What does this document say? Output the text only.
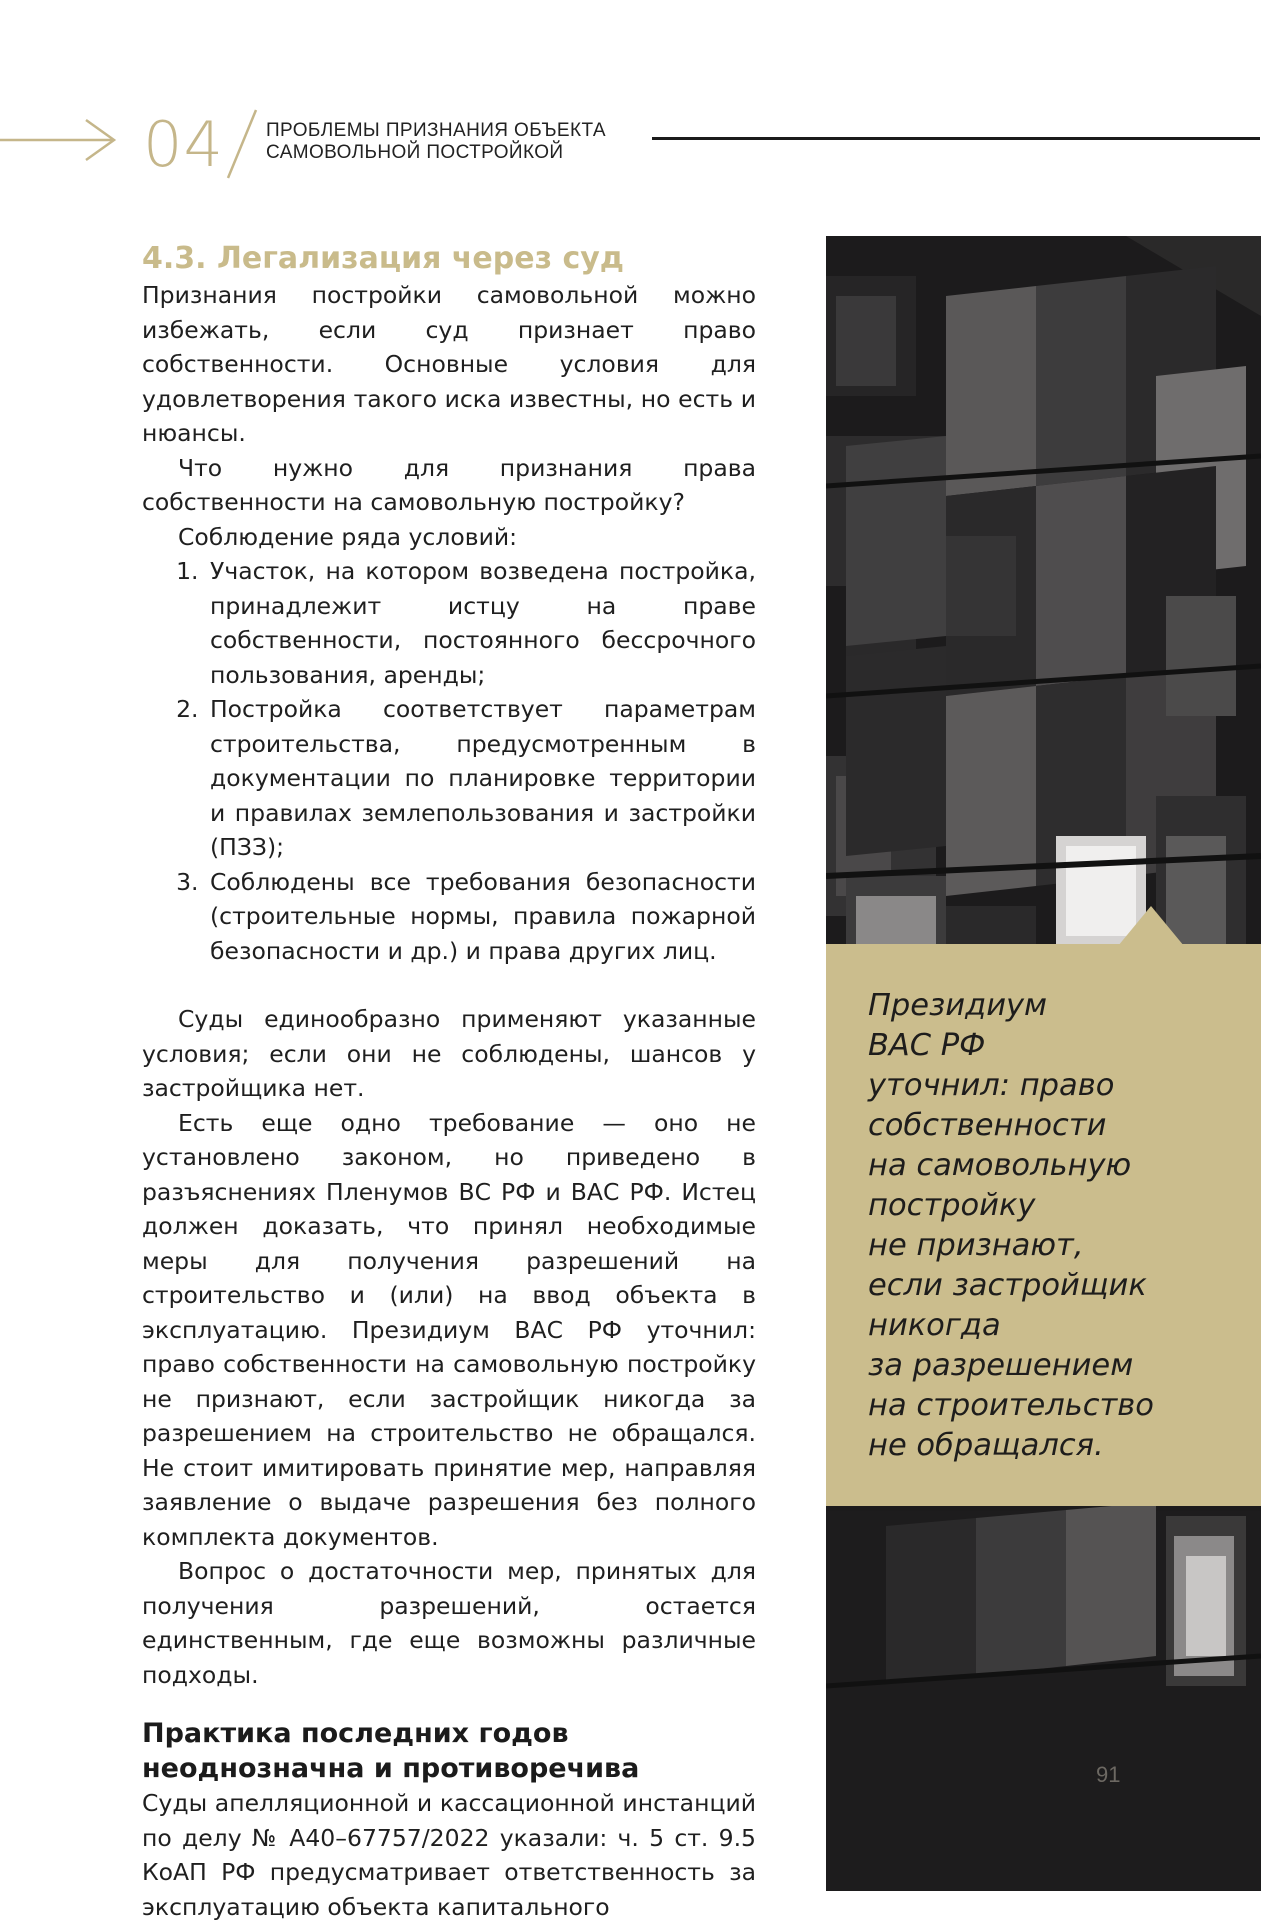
04 ПРОБЛЕМЫ ПРИЗНАНИЯ ОБЪЕКТА
САМОВОЛЬНОЙ ПОСТРОЙКОЙ
4.3. Легализация через суд

Признания постройки самовольной можно избежать, если суд признает право собственности. Основные условия для удовлетворения такого иска известны, но есть и нюансы.

Что нужно для признания права собственности на самовольную постройку?

Соблюдение ряда условий:

1. Участок, на котором возведена постройка, принадлежит истцу на праве собственности, постоянного бессрочного пользования, аренды;
2. Постройка соответствует параметрам строительства, предусмотренным в документации по планировке территории и правилах землепользования и застройки (ПЗЗ);
3. Соблюдены все требования безопасности (строительные нормы, правила пожарной безопасности и др.) и права других лиц.

Суды единообразно применяют указанные условия; если они не соблюдены, шансов у застройщика нет.

Есть еще одно требование — оно не установлено законом, но приведено в разъяснениях Пленумов ВС РФ и ВАС РФ. Истец должен доказать, что принял необходимые меры для получения разрешений на строительство и (или) на ввод объекта в эксплуатацию. Президиум ВАС РФ уточнил: право собственности на самовольную постройку не признают, если застройщик никогда за разрешением на строительство не обращался. Не стоит имитировать принятие мер, направляя заявление о выдаче разрешения без полного комплекта документов.

Вопрос о достаточности мер, принятых для получения разрешений, остается единственным, где еще возможны различные подходы.

Практика последних годов
неоднозначна и противоречива

Суды апелляционной и кассационной инстанций по делу № А40–67757/2022 указали: ч. 5 ст. 9.5 КоАП РФ предусматривает ответственность за эксплуатацию объекта капитального

Президиум
ВАС РФ
уточнил: право
собственности
на самовольную
постройку
не признают,
если застройщик
никогда
за разрешением
на строительство
не обращался.

91
